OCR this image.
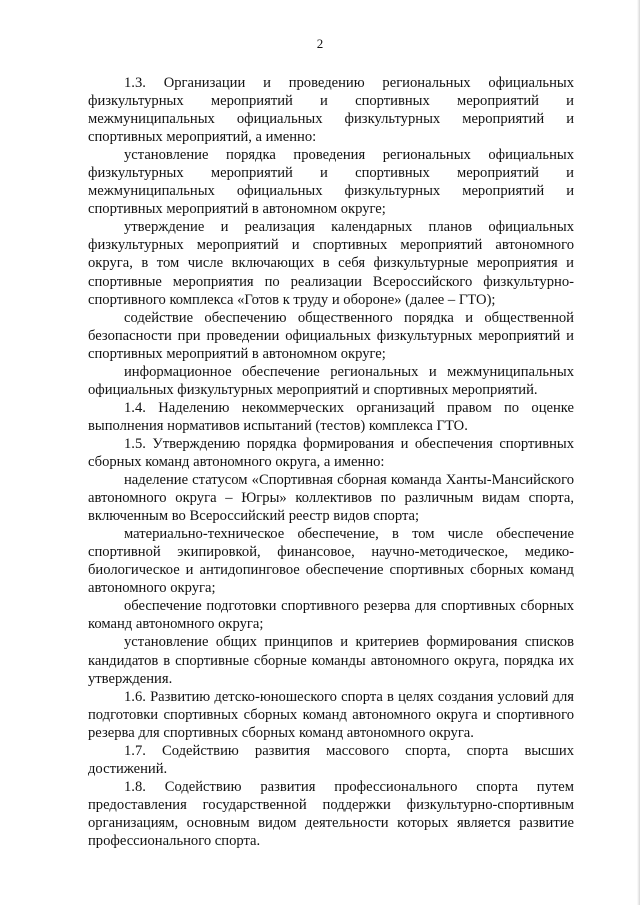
2

1.3. Организации и проведению региональных официальных физкультурных мероприятий и спортивных мероприятий и межмуниципальных официальных физкультурных мероприятий и спортивных мероприятий, а именно:

установление порядка проведения региональных официальных физкультурных мероприятий и спортивных мероприятий и межмуниципальных официальных физкультурных мероприятий и спортивных мероприятий в автономном округе;

утверждение и реализация календарных планов официальных физкультурных мероприятий и спортивных мероприятий автономного округа, в том числе включающих в себя физкультурные мероприятия и спортивные мероприятия по реализации Всероссийского физкультурно-спортивного комплекса «Готов к труду и обороне» (далее – ГТО);

содействие обеспечению общественного порядка и общественной безопасности при проведении официальных физкультурных мероприятий и спортивных мероприятий в автономном округе;

информационное обеспечение региональных и межмуниципальных официальных физкультурных мероприятий и спортивных мероприятий.

1.4. Наделению некоммерческих организаций правом по оценке выполнения нормативов испытаний (тестов) комплекса ГТО.

1.5. Утверждению порядка формирования и обеспечения спортивных сборных команд автономного округа, а именно:

наделение статусом «Спортивная сборная команда Ханты-Мансийского автономного округа – Югры» коллективов по различным видам спорта, включенным во Всероссийский реестр видов спорта;

материально-техническое обеспечение, в том числе обеспечение спортивной экипировкой, финансовое, научно-методическое, медико-биологическое и антидопинговое обеспечение спортивных сборных команд автономного округа;

обеспечение подготовки спортивного резерва для спортивных сборных команд автономного округа;

установление общих принципов и критериев формирования списков кандидатов в спортивные сборные команды автономного округа, порядка их утверждения.

1.6. Развитию детско-юношеского спорта в целях создания условий для подготовки спортивных сборных команд автономного округа и спортивного резерва для спортивных сборных команд автономного округа.

1.7. Содействию развития массового спорта, спорта высших достижений.

1.8. Содействию развития профессионального спорта путем предоставления государственной поддержки физкультурно-спортивным организациям, основным видом деятельности которых является развитие профессионального спорта.
